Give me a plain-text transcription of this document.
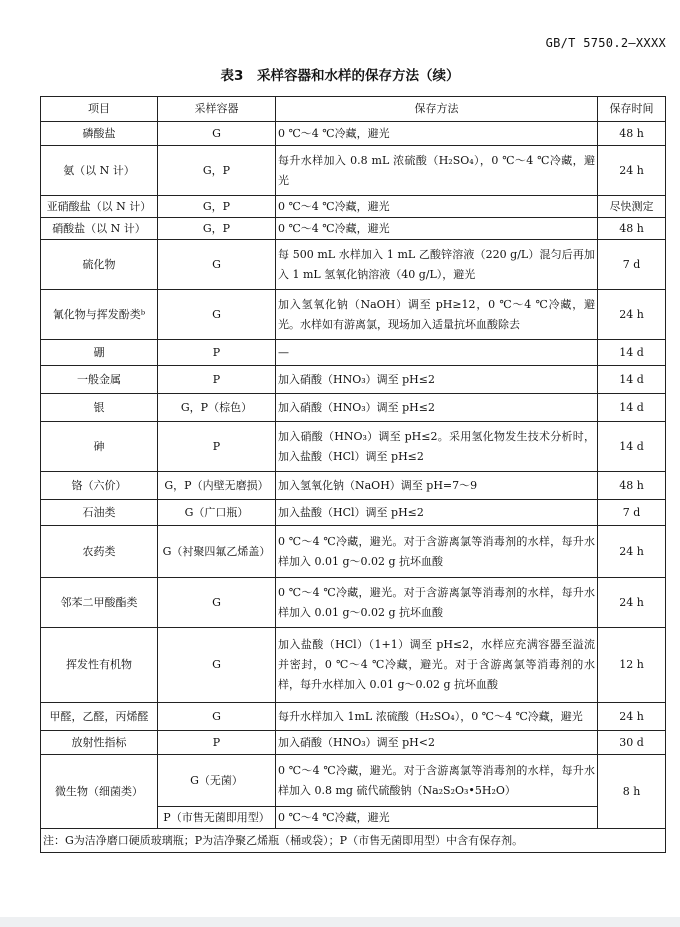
GB/T 5750.2—XXXX
表3　采样容器和水样的保存方法（续）
项目	采样容器	保存方法	保存时间
磷酸盐	G	0 ℃～4 ℃冷藏，避光	48 h
氨（以 N 计）	G，P	每升水样加入 0.8 mL 浓硫酸（H₂SO₄），0 ℃～4 ℃冷藏，避光	24 h
亚硝酸盐（以 N 计）	G，P	0 ℃～4 ℃冷藏，避光	尽快测定
硝酸盐（以 N 计）	G，P	0 ℃～4 ℃冷藏，避光	48 h
硫化物	G	每 500 mL 水样加入 1 mL 乙酸锌溶液（220 g/L）混匀后再加入 1 mL 氢氧化钠溶液（40 g/L），避光	7 d
氰化物与挥发酚类ᵇ	G	加入氢氧化钠（NaOH）调至 pH≥12，0 ℃～4 ℃冷藏，避光。水样如有游离氯，现场加入适量抗坏血酸除去	24 h
硼	P	—	14 d
一般金属	P	加入硝酸（HNO₃）调至 pH≤2	14 d
银	G，P（棕色）	加入硝酸（HNO₃）调至 pH≤2	14 d
砷	P	加入硝酸（HNO₃）调至 pH≤2。采用氢化物发生技术分析时，加入盐酸（HCl）调至 pH≤2	14 d
铬（六价）	G，P（内壁无磨损）	加入氢氧化钠（NaOH）调至 pH=7～9	48 h
石油类	G（广口瓶）	加入盐酸（HCl）调至 pH≤2	7 d
农药类	G（衬聚四氟乙烯盖）	0 ℃～4 ℃冷藏，避光。对于含游离氯等消毒剂的水样，每升水样加入 0.01 g～0.02 g 抗坏血酸	24 h
邻苯二甲酸酯类	G	0 ℃～4 ℃冷藏，避光。对于含游离氯等消毒剂的水样，每升水样加入 0.01 g～0.02 g 抗坏血酸	24 h
挥发性有机物	G	加入盐酸（HCl）（1+1）调至 pH≤2，水样应充满容器至溢流并密封，0 ℃～4 ℃冷藏，避光。对于含游离氯等消毒剂的水样，每升水样加入 0.01 g～0.02 g 抗坏血酸	12 h
甲醛，乙醛，丙烯醛	G	每升水样加入 1mL 浓硫酸（H₂SO₄），0 ℃～4 ℃冷藏，避光	24 h
放射性指标	P	加入硝酸（HNO₃）调至 pH<2	30 d
微生物（细菌类）	G（无菌）	0 ℃～4 ℃冷藏，避光。对于含游离氯等消毒剂的水样，每升水样加入 0.8 mg 硫代硫酸钠（Na₂S₂O₃•5H₂O）	8 h
	P（市售无菌即用型）	0 ℃～4 ℃冷藏，避光	
注：G为洁净磨口硬质玻璃瓶；P为洁净聚乙烯瓶（桶或袋）；P（市售无菌即用型）中含有保存剂。			
